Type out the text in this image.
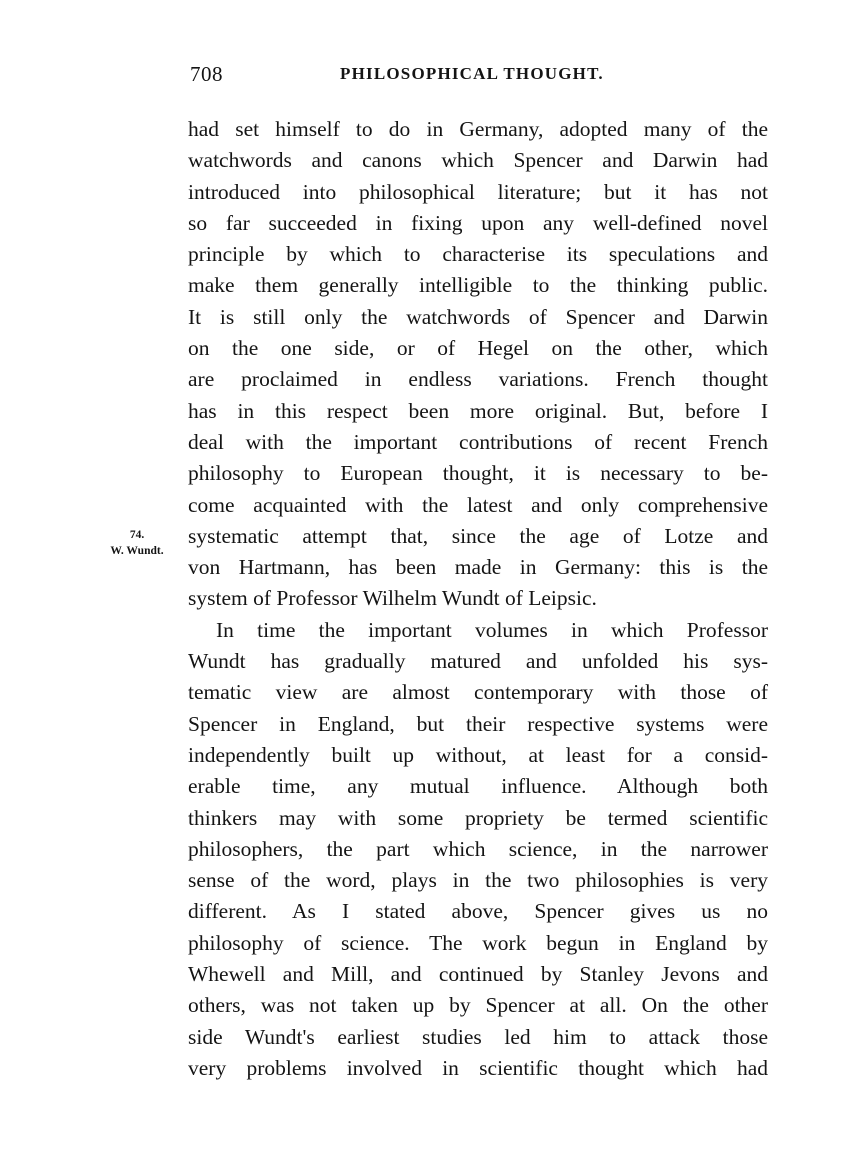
708	PHILOSOPHICAL THOUGHT.
74.
W. Wundt.
had set himself to do in Germany, adopted many of the
watchwords and canons which Spencer and Darwin had
introduced into philosophical literature; but it has not
so far succeeded in fixing upon any well-defined novel
principle by which to characterise its speculations and
make them generally intelligible to the thinking public.
It is still only the watchwords of Spencer and Darwin
on the one side, or of Hegel on the other, which
are proclaimed in endless variations. French thought
has in this respect been more original. But, before I
deal with the important contributions of recent French
philosophy to European thought, it is necessary to be-
come acquainted with the latest and only comprehensive
systematic attempt that, since the age of Lotze and
von Hartmann, has been made in Germany: this is the
system of Professor Wilhelm Wundt of Leipsic.
In time the important volumes in which Professor
Wundt has gradually matured and unfolded his sys-
tematic view are almost contemporary with those of
Spencer in England, but their respective systems were
independently built up without, at least for a consid-
erable time, any mutual influence. Although both
thinkers may with some propriety be termed scientific
philosophers, the part which science, in the narrower
sense of the word, plays in the two philosophies is very
different. As I stated above, Spencer gives us no
philosophy of science. The work begun in England by
Whewell and Mill, and continued by Stanley Jevons and
others, was not taken up by Spencer at all. On the other
side Wundt's earliest studies led him to attack those
very problems involved in scientific thought which had
